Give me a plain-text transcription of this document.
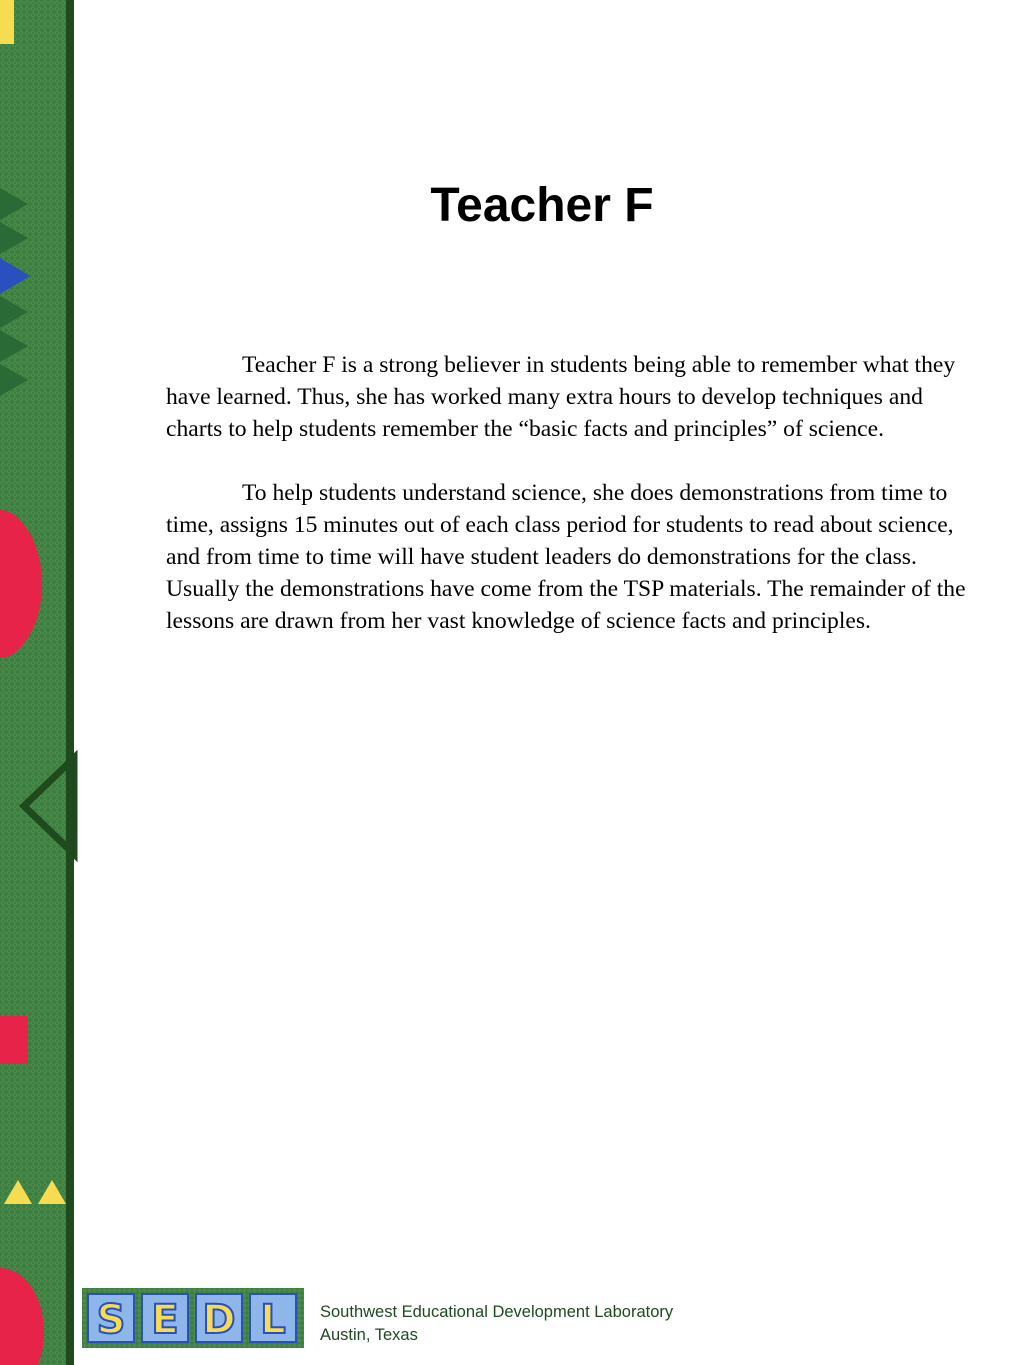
Teacher F

Teacher F is a strong believer in students being able to remember what they have learned. Thus, she has worked many extra hours to develop techniques and charts to help students remember the “basic facts and principles” of science.

To help students understand science, she does demonstrations from time to time, assigns 15 minutes out of each class period for students to read about science, and from time to time will have student leaders do demonstrations for the class. Usually the demonstrations have come from the TSP materials. The remainder of the lessons are drawn from her vast knowledge of science facts and principles.

S E D L Southwest Educational Development Laboratory
Austin, Texas
